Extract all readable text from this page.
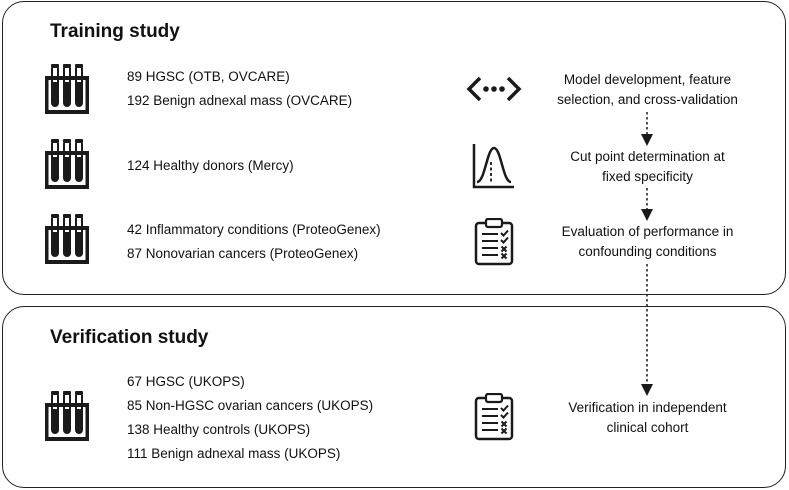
Training study

89 HGSC (OTB, OVCARE)

192 Benign adnexal mass (OVCARE)

124 Healthy donors (Mercy)

42 Inflammatory conditions (ProteoGenex)

87 Nonovarian cancers (ProteoGenex)

Model development, feature
selection, and cross-validation

Cut point determination at
fixed specificity

Evaluation of performance in
confounding conditions

Verification study

67 HGSC (UKOPS)

85 Non-HGSC ovarian cancers (UKOPS)

138 Healthy controls (UKOPS)

111 Benign adnexal mass (UKOPS)

Verification in independent
clinical cohort
